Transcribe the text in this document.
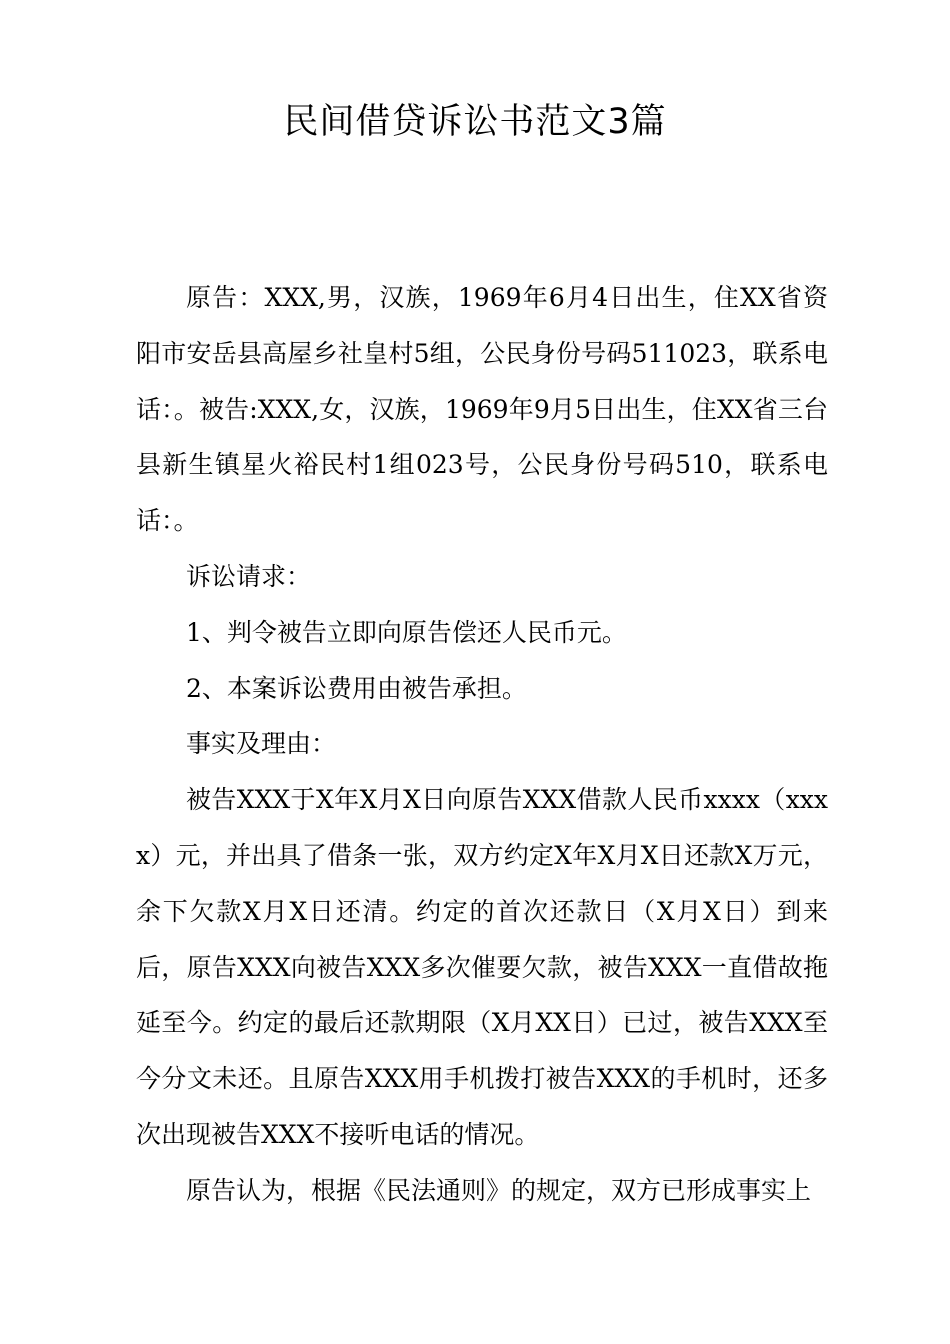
民间借贷诉讼书范文3篇

原告：XXX,男，汉族，1969年6月4日出生，住XX省资阳市安岳县高屋乡社皇村5组，公民身份号码511023，联系电话：。被告:XXX,女，汉族，1969年9月5日出生，住XX省三台县新生镇星火裕民村1组023号，公民身份号码510，联系电话：。

诉讼请求：

1、判令被告立即向原告偿还人民币元。

2、本案诉讼费用由被告承担。

事实及理由：

被告XXX于X年X月X日向原告XXX借款人民币xxxx（xxxx）元，并出具了借条一张，双方约定X年X月X日还款X万元，余下欠款X月X日还清。约定的首次还款日（X月X日）到来后，原告XXX向被告XXX多次催要欠款，被告XXX一直借故拖延至今。约定的最后还款期限（X月XX日）已过，被告XXX至今分文未还。且原告XXX用手机拨打被告XXX的手机时，还多次出现被告XXX不接听电话的情况。

原告认为，根据《民法通则》的规定，双方已形成事实上
